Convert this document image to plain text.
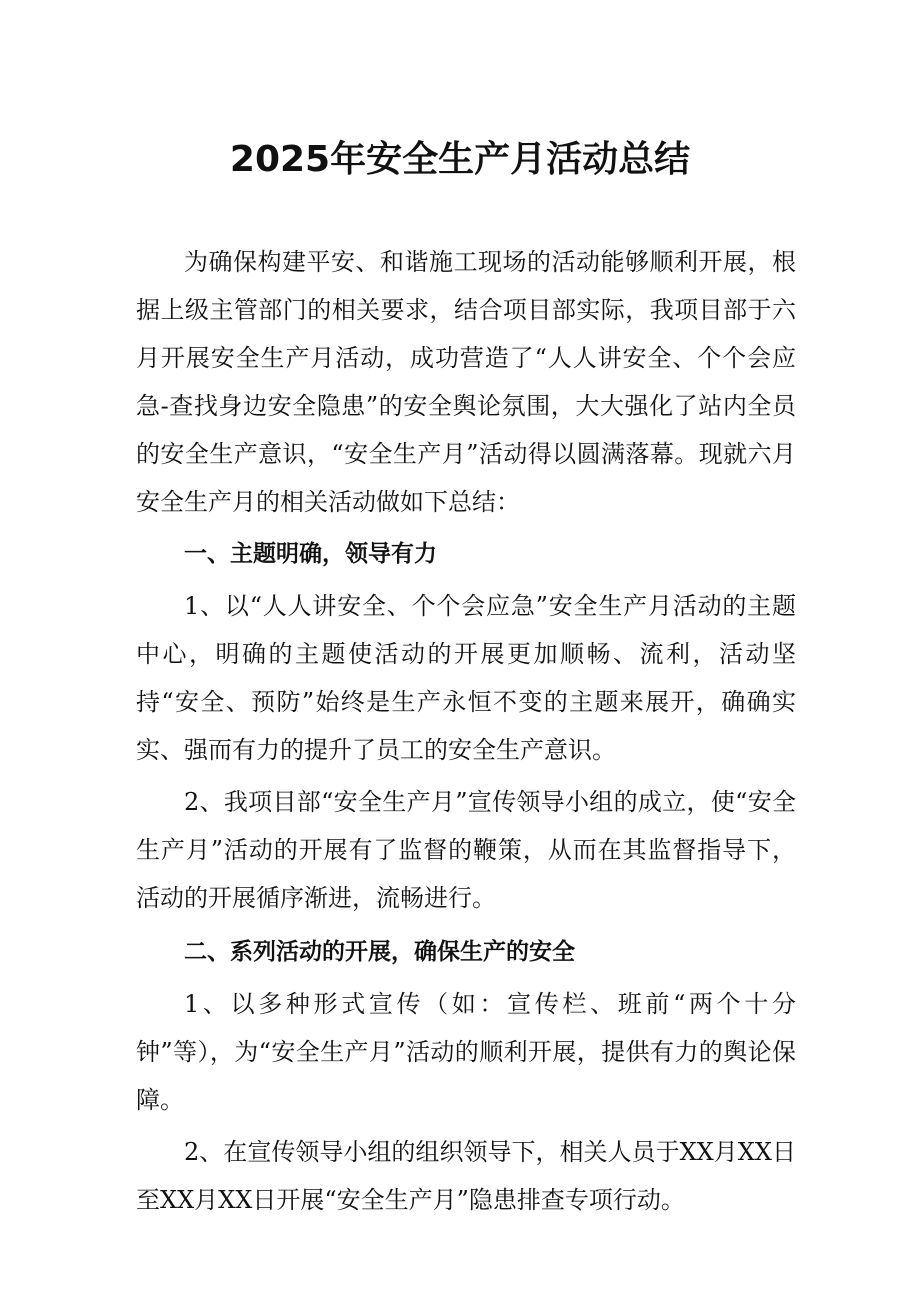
2025年安全生产月活动总结

为确保构建平安、和谐施工现场的活动能够顺利开展，根据上级主管部门的相关要求，结合项目部实际，我项目部于六月开展安全生产月活动，成功营造了“人人讲安全、个个会应急-查找身边安全隐患”的安全舆论氛围，大大强化了站内全员的安全生产意识，“安全生产月”活动得以圆满落幕。现就六月安全生产月的相关活动做如下总结：

一、主题明确，领导有力

1、以“人人讲安全、个个会应急”安全生产月活动的主题中心，明确的主题使活动的开展更加顺畅、流利，活动坚持“安全、预防”始终是生产永恒不变的主题来展开，确确实实、强而有力的提升了员工的安全生产意识。

2、我项目部“安全生产月”宣传领导小组的成立，使“安全生产月”活动的开展有了监督的鞭策，从而在其监督指导下，活动的开展循序渐进，流畅进行。

二、系列活动的开展，确保生产的安全

1、以多种形式宣传（如：宣传栏、班前“两个十分钟”等），为“安全生产月”活动的顺利开展，提供有力的舆论保障。

2、在宣传领导小组的组织领导下，相关人员于XX月XX日至XX月XX日开展“安全生产月”隐患排查专项行动。
